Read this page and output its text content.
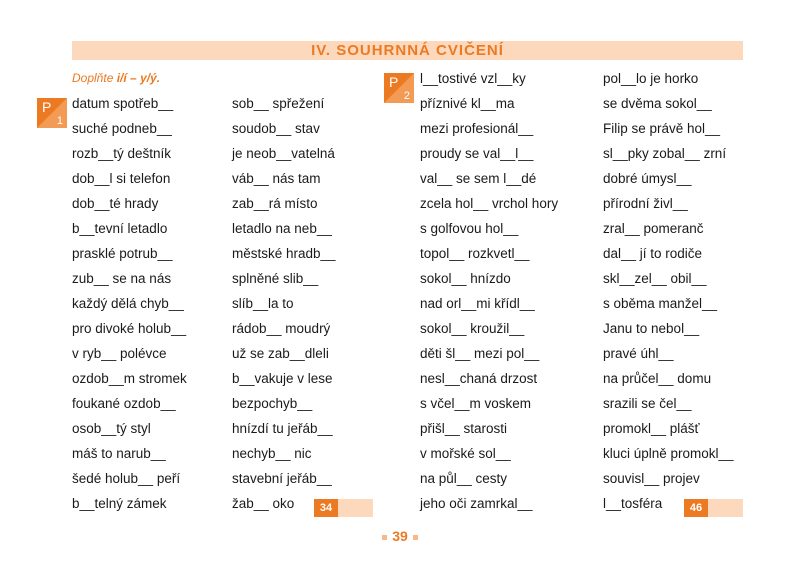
IV. SOUHRNNÁ CVIČENÍ
Doplňte i/í – y/ý.
P
1
P
2
datum spotřeb__
suché podneb__
rozb__tý deštník
dob__l si telefon
dob__té hrady
b__tevní letadlo
prasklé potrub__
zub__ se na nás
každý dělá chyb__
pro divoké holub__
v ryb__ polévce
ozdob__m stromek
foukané ozdob__
osob__tý styl
máš to narub__
šedé holub__ peří
b__telný zámek
sob__ spřežení
soudob__ stav
je neob__vatelná
váb__ nás tam
zab__rá místo
letadlo na neb__
městské hradb__
splněné slib__
slíb__la to
rádob__ moudrý
už se zab__dleli
b__vakuje v lese
bezpochyb__
hnízdí tu jeřáb__
nechyb__ nic
stavební jeřáb__
žab__ oko
l__tostivé vzl__ky
příznivé kl__ma
mezi profesionál__
proudy se val__l__
val__ se sem l__dé
zcela hol__ vrchol hory
s golfovou hol__
topol__ rozkvetl__
sokol__ hnízdo
nad orl__mi křídl__
sokol__ kroužil__
děti šl__ mezi pol__
nesl__chaná drzost
s včel__m voskem
přišl__ starosti
v mořské sol__
na půl__ cesty
jeho oči zamrkal__
pol__lo je horko
se dvěma sokol__
Filip se právě hol__
sl__pky zobal__ zrní
dobré úmysl__
přírodní živl__
zral__ pomeranč
dal__ jí to rodiče
skl__zel__ obil__
s oběma manžel__
Janu to nebol__
pravé úhl__
na průčel__ domu
srazili se čel__
promokl__ plášť
kluci úplně promokl__
souvisl__ projev
l__tosféra
34	46
39
